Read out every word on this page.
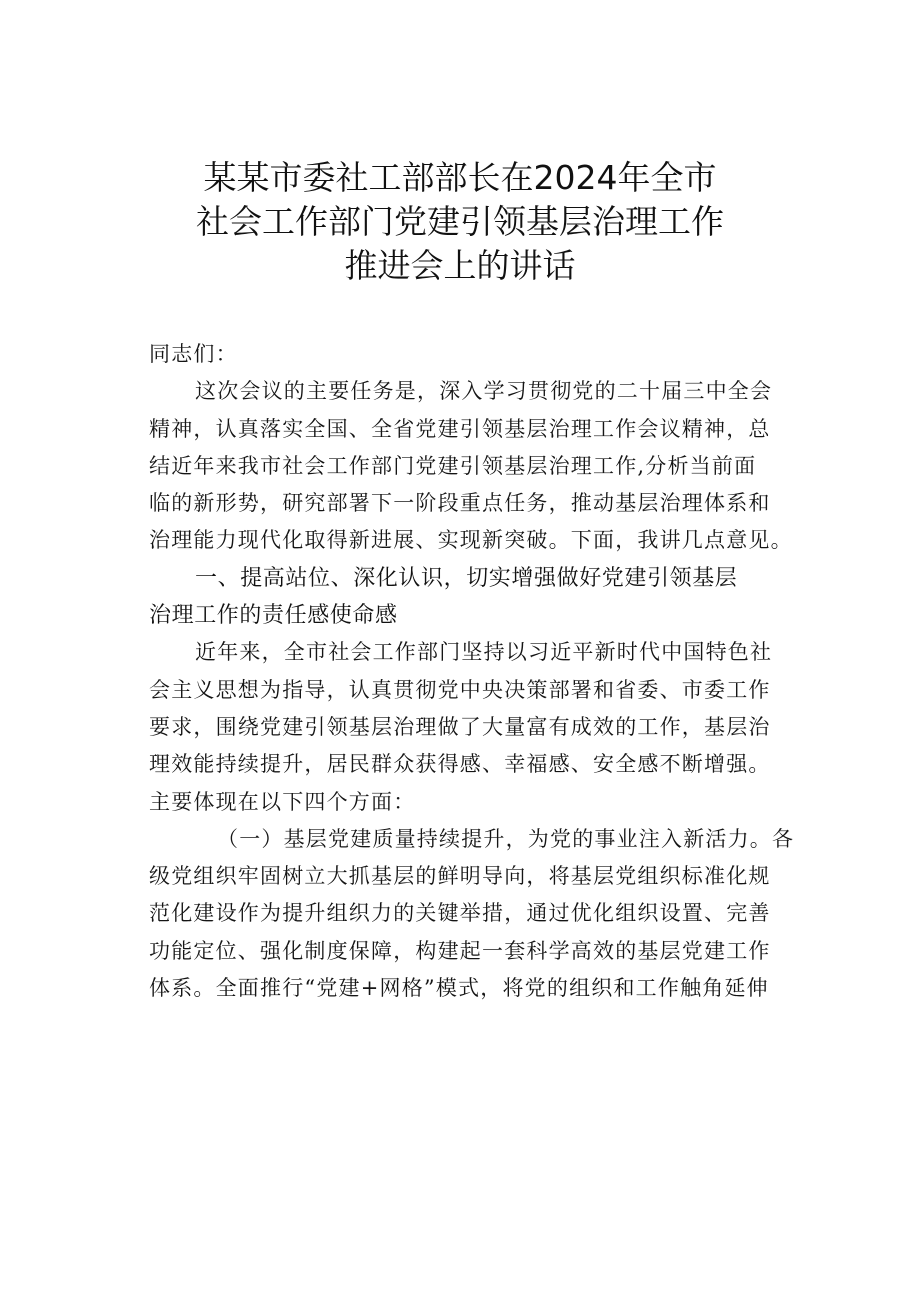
某某市委社工部部长在2024年全市
社会工作部门党建引领基层治理工作
推进会上的讲话
同志们：
这次会议的主要任务是，深入学习贯彻党的二十届三中全会
精神，认真落实全国、全省党建引领基层治理工作会议精神，总
结近年来我市社会工作部门党建引领基层治理工作,分析当前面
临的新形势，研究部署下一阶段重点任务，推动基层治理体系和
治理能力现代化取得新进展、实现新突破。下面，我讲几点意见。
一、提高站位、深化认识，切实增强做好党建引领基层
治理工作的责任感使命感
近年来，全市社会工作部门坚持以习近平新时代中国特色社
会主义思想为指导，认真贯彻党中央决策部署和省委、市委工作
要求，围绕党建引领基层治理做了大量富有成效的工作，基层治
理效能持续提升，居民群众获得感、幸福感、安全感不断增强。
主要体现在以下四个方面：
（一）基层党建质量持续提升，为党的事业注入新活力。各
级党组织牢固树立大抓基层的鲜明导向，将基层党组织标准化规
范化建设作为提升组织力的关键举措，通过优化组织设置、完善
功能定位、强化制度保障，构建起一套科学高效的基层党建工作
体系。全面推行“党建+网格”模式，将党的组织和工作触角延伸
